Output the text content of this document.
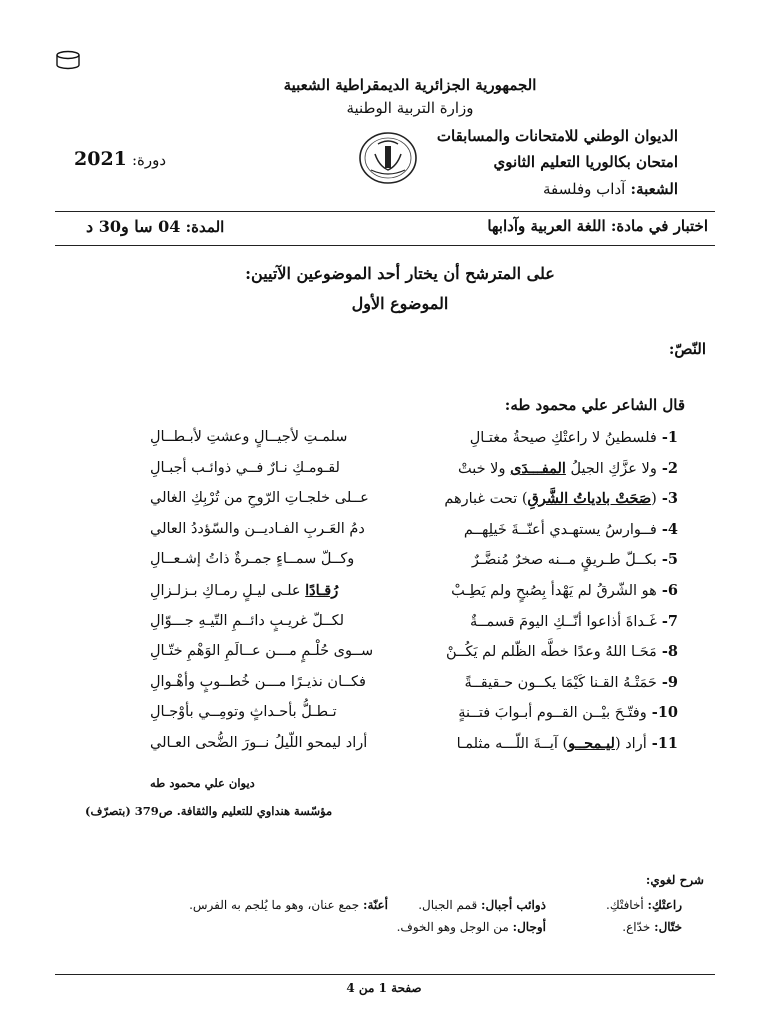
الجمهورية الجزائرية الديمقراطية الشعبية
وزارة التربية الوطنية
الديوان الوطني للامتحانات والمسابقات
امتحان بكالوريا التعليم الثانوي
الشعبة: آداب وفلسفة
دورة: 2021
اختبار في مادة: اللغة العربية وآدابها
المدة: 04 سا و30 د
على المترشح أن يختار أحد الموضوعين الآتيين:
الموضوع الأول
النّصّ:
قال الشاعر علي محمود طه:
1- فلسطينُ لا راعتْكِ صيحةُ مغتـالِ
سلمـتِ لأجيــالٍ وعشتِ لأبـطــالِ
2- ولا عزَّكِ الجيلُ المفـــدَى ولا خبتْ
لقـومـكِ نـارٌ فــي ذوائـب أجبـالِ
3- (صَحَتْ بادياتُ الشَّرقِ) تحت غبارهم
عــلى خلجـاتِ الرّوحِ من تُرْبِكِ الغالي
4- فــوارسُ يستهـدي أعنّــةَ خَيلِهــم
دمُ العَـربِ الفـاديــن والسّؤددُ العالي
5- بكــلّ طـريقٍ مــنه صخرٌ مُنضَّـرٌ
وكــلّ سمــاءٍ جمـرةٌ ذاتُ إشـعــالِ
6- هو الشّرقُ لم يَهْدأ بِصُبحٍ ولم يَطِـبْ
رُقـادًا علـى ليـلٍ رمـاكِ بـزلـزالِ
7- غَـداةَ أذاعوا أنّــكِ اليومَ قسمــةٌ
لكــلّ غريـبٍ دائــمِ التّيـهِ جـــوّالِ
8- مَحَـا اللهُ وعدًا خطَّه الظّلم لم يَكُــنْ
ســوى حُلْـمٍ مـــن عــالَمِ الوَهْمِ ختّـالِ
9- حَمَتْـهُ القـنا كَيْمَا يكــون حـقيقــةً
فكــان نذيـرًا مـــن خُطــوبٍ وأهْـوالِ
10- وفتّـحَ بيْــن القــوم أبـوابَ فتــنةٍ
تـطـلُّ بأحـداثٍ وتومِــي بأوْجـالِ
11- أراد (ليـمحــو) آيــةَ اللّـــه مثلمـا
أراد ليمحو اللّيلُ نــورَ الضُّحى العـالي
ديوان علي محمود طه
مؤسّسة هنداوي للتعليم والثقافة. ص379 (بتصرّف)
شرح لغوي:
راعتْكِ: أخافتْكِ.
ذوائب أجبال: قمم الجبال.
أعنّة: جمع عنان، وهو ما يُلجم به الفرس.
ختّال: خدّاع.
أوجال: من الوجل وهو الخوف.
صفحة 1 من 4
